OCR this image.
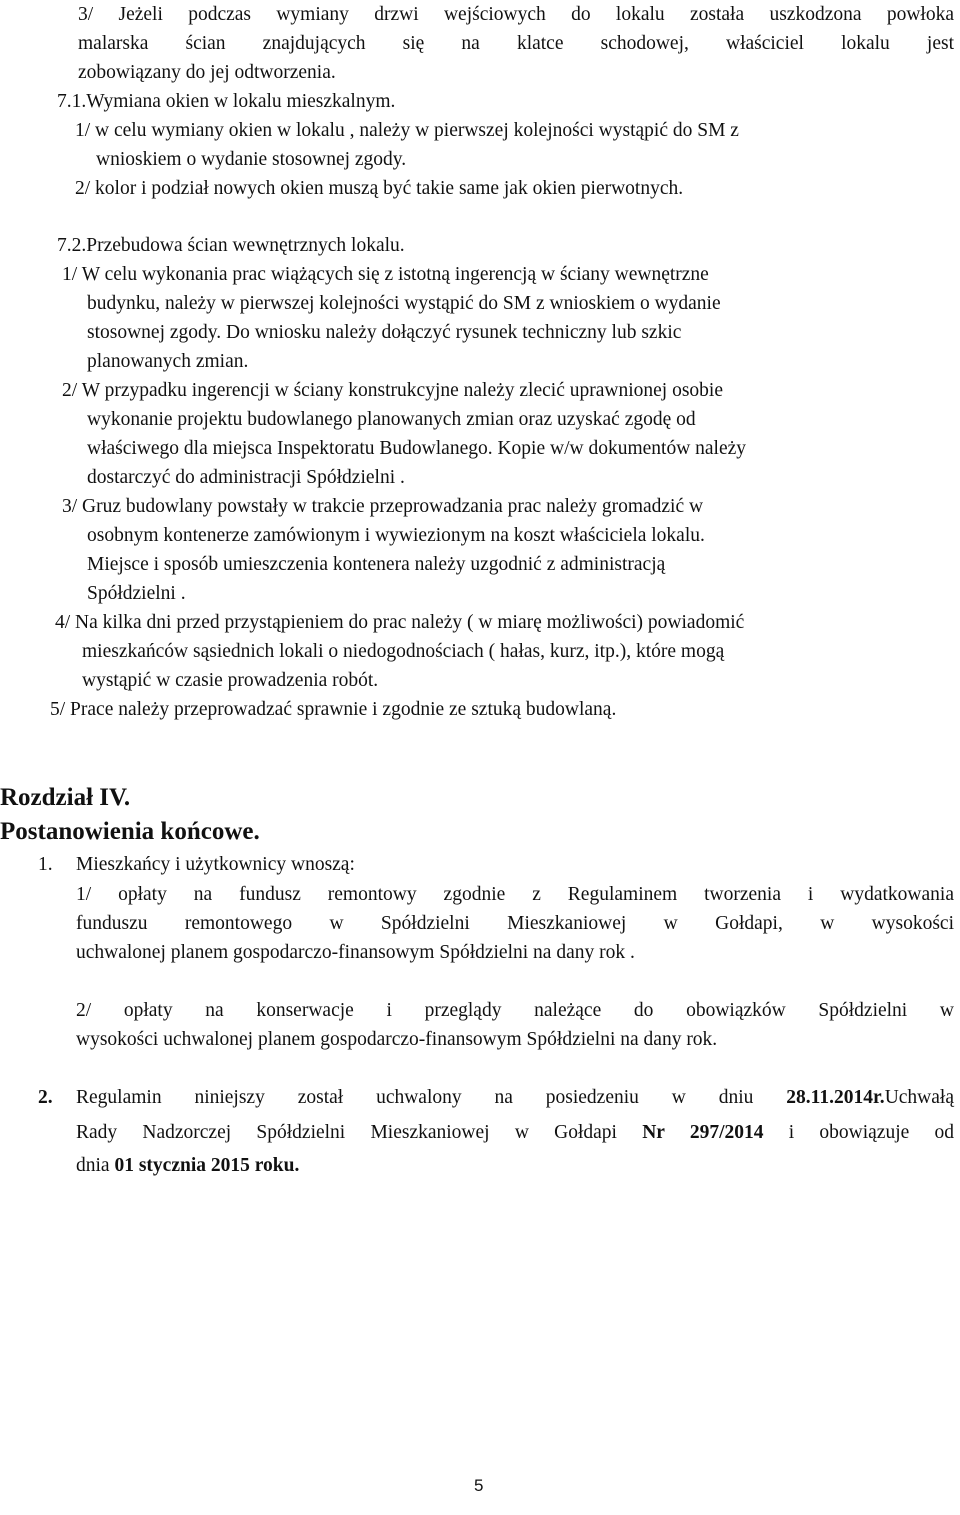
3/ Jeżeli podczas wymiany drzwi wejściowych do lokalu została uszkodzona powłoka
malarska ścian znajdujących się na klatce schodowej, właściciel lokalu jest
zobowiązany do jej odtworzenia.
7.1.Wymiana okien w lokalu mieszkalnym.
1/ w celu wymiany okien w lokalu , należy w pierwszej kolejności wystąpić do SM z
wnioskiem o wydanie stosownej zgody.
2/ kolor i podział nowych okien muszą być takie same jak okien pierwotnych.
7.2.Przebudowa ścian wewnętrznych lokalu.
1/ W celu wykonania prac wiążących się z istotną ingerencją w ściany wewnętrzne
budynku, należy w pierwszej kolejności wystąpić do SM z wnioskiem o wydanie
stosownej zgody. Do wniosku należy dołączyć rysunek techniczny lub szkic
planowanych zmian.
2/ W przypadku ingerencji w ściany konstrukcyjne należy zlecić uprawnionej osobie
wykonanie projektu budowlanego planowanych zmian oraz uzyskać zgodę od
właściwego dla miejsca Inspektoratu Budowlanego. Kopie w/w dokumentów należy
dostarczyć do administracji Spółdzielni .
3/ Gruz budowlany powstały w trakcie przeprowadzania prac należy gromadzić w
osobnym kontenerze zamówionym i wywiezionym na koszt właściciela lokalu.
Miejsce i sposób umieszczenia kontenera należy uzgodnić z administracją
Spółdzielni .
4/ Na kilka dni przed przystąpieniem do prac należy ( w miarę możliwości) powiadomić
mieszkańców sąsiednich lokali o niedogodnościach ( hałas, kurz, itp.), które mogą
wystąpić w czasie prowadzenia robót.
5/ Prace należy przeprowadzać sprawnie i zgodnie ze sztuką budowlaną.
Rozdział IV.
Postanowienia końcowe.
1. Mieszkańcy i użytkownicy wnoszą:
1/ opłaty na fundusz remontowy zgodnie z Regulaminem tworzenia i wydatkowania
funduszu remontowego w Spółdzielni Mieszkaniowej w Gołdapi, w wysokości
uchwalonej planem gospodarczo-finansowym Spółdzielni na dany rok .
2/ opłaty na konserwacje i przeglądy należące do obowiązków Spółdzielni w
wysokości uchwalonej planem gospodarczo-finansowym Spółdzielni na dany rok.
2. Regulamin niniejszy został uchwalony na posiedzeniu w dniu 28.11.2014r.Uchwałą
Rady Nadzorczej Spółdzielni Mieszkaniowej w Gołdapi Nr 297/2014 i obowiązuje od
dnia 01 stycznia 2015 roku.
5
